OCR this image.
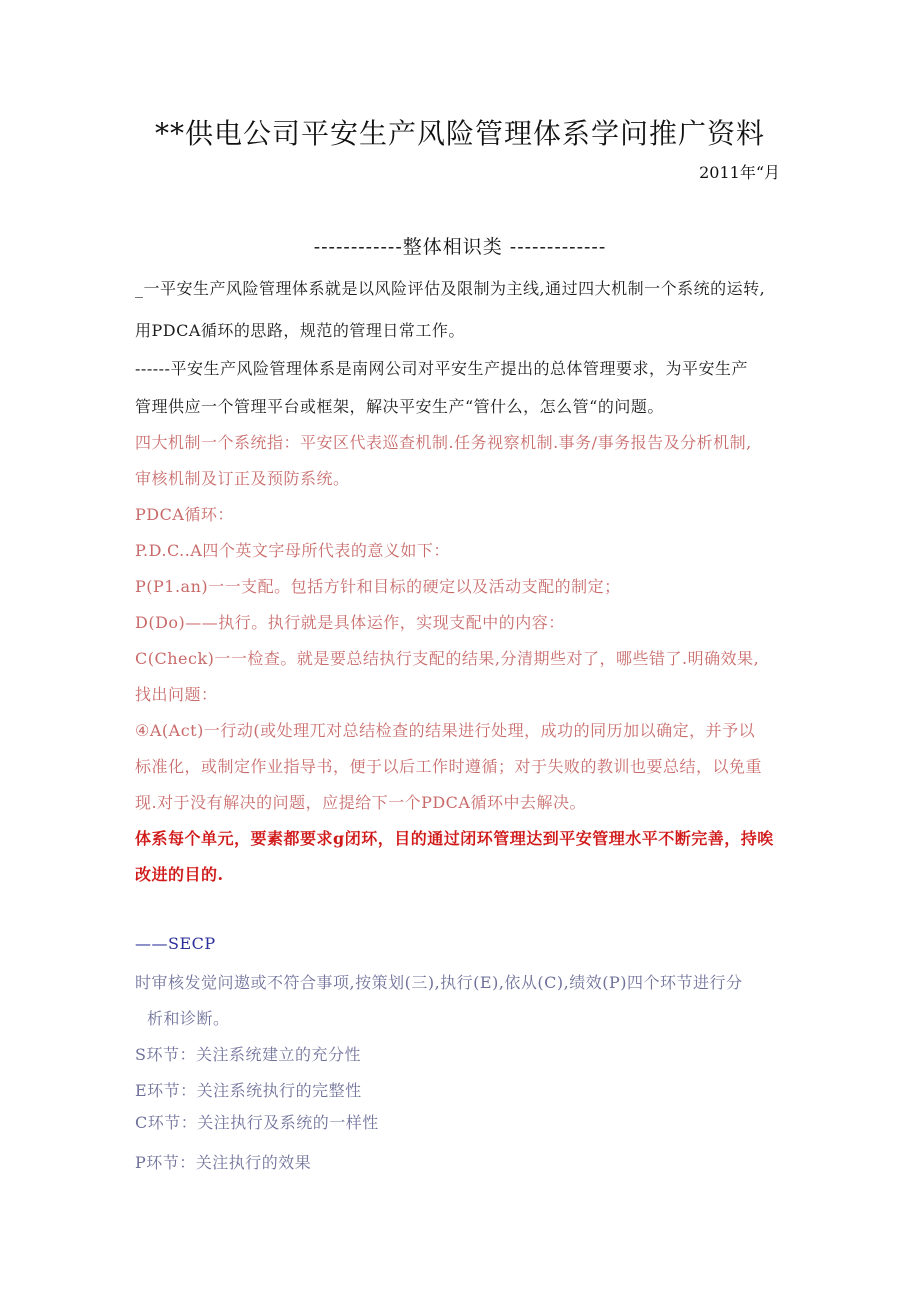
**供电公司平安生产风险管理体系学问推广资料
2011年“月
------------整体相识类 -------------
_一平安生产风险管理体系就是以风险评估及限制为主线,通过四大机制一个系统的运转,
用PDCA循环的思路，规范的管理日常工作。
------平安生产风险管理体系是南网公司对平安生产提出的总体管理要求，为平安生产
管理供应一个管理平台或框架，解决平安生产“管什么，怎么管“的问题。
四大机制一个系统指：平安区代表巡查机制.任务视察机制.事务/事务报告及分析机制,
审核机制及订正及预防系统。
PDCA循环：
P.D.C..A四个英文字母所代表的意义如下：
P(P1.an)一一支配。包括方针和目标的硬定以及活动支配的制定；
D(Do)——执行。执行就是具体运作，实现支配中的内容：
C(Check)一一检查。就是要总结执行支配的结果,分清期些对了，哪些错了.明确效果,
找出问题：
④A(Act)一行动(或处理兀对总结检查的结果进行处理，成功的同历加以确定，并予以
标准化，或制定作业指导书，便于以后工作时遵循；对于失败的教训也要总结，以免重
现.对于没有解决的问题，应提给下一个PDCA循环中去解决。
体系每个单元，要素都要求g闭环，目的通过闭环管理达到平安管理水平不断完善，持唉
改进的目的.
——SECP
时审核发觉问遨或不符合事项,按策划(三),执行(E),依从(C),绩效(P)四个环节进行分
析和诊断。
S环节：关注系统建立的充分性
E环节：关注系统执行的完整性
C环节：关注执行及系统的一样性
P环节：关注执行的效果
